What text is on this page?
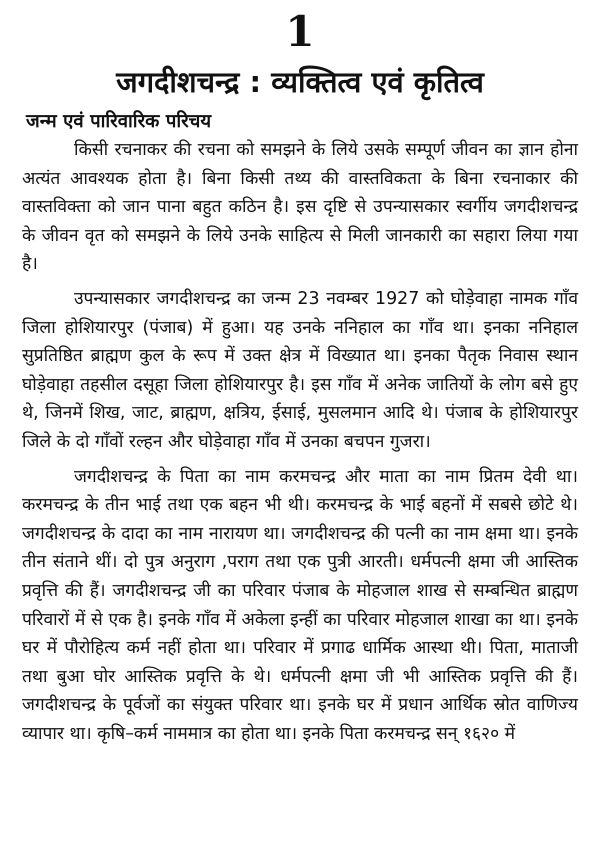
1
जगदीशचन्द्र : व्यक्तित्व एवं कृतित्व
जन्म एवं पारिवारिक परिचय

किसी रचनाकर की रचना को समझने के लिये उसके सम्पूर्ण जीवन का ज्ञान होना अत्यंत आवश्यक होता है। बिना किसी तथ्य की वास्तविकता के बिना रचनाकार की वास्तविक्ता को जान पाना बहुत कठिन है। इस दृष्टि से उपन्यासकार स्वर्गीय जगदीशचन्द्र के जीवन वृत को समझने के लिये उनके साहित्य से मिली जानकारी का सहारा लिया गया है।

उपन्यासकार जगदीशचन्द्र का जन्म 23 नवम्बर 1927 को घोड़ेवाहा नामक गाँव जिला होशियारपुर (पंजाब) में हुआ। यह उनके ननिहाल का गाँव था। इनका ननिहाल सुप्रतिष्ठित ब्राह्मण कुल के रूप में उक्त क्षेत्र में विख्यात था। इनका पैतृक निवास स्थान घोड़ेवाहा तहसील दसूहा जिला होशियारपुर है। इस गाँव में अनेक जातियों के लोग बसे हुए थे, जिनमें शिख, जाट, ब्राह्मण, क्षत्रिय, ईसाई, मुसलमान आदि थे। पंजाब के होशियारपुर जिले के दो गाँवों रल्हन और घोड़ेवाहा गाँव में उनका बचपन गुजरा।

जगदीशचन्द्र के पिता का नाम करमचन्द्र और माता का नाम प्रितम देवी था। करमचन्द्र के तीन भाई तथा एक बहन भी थी। करमचन्द्र के भाई बहनों में सबसे छोटे थे। जगदीशचन्द्र के दादा का नाम नारायण था। जगदीशचन्द्र की पत्नी का नाम क्षमा था। इनके तीन संताने थीं। दो पुत्र अनुराग ,पराग तथा एक पुत्री आरती। धर्मपत्नी क्षमा जी आस्तिक प्रवृत्ति की हैं। जगदीशचन्द्र जी का परिवार पंजाब के मोहजाल शाख से सम्बन्धित ब्राह्मण परिवारों में से एक है। इनके गाँव में अकेला इन्हीं का परिवार मोहजाल शाखा का था। इनके घर में पौरोहित्य कर्म नहीं होता था। परिवार में प्रगाढ धार्मिक आस्था थी। पिता, माताजी तथा बुआ घोर आस्तिक प्रवृत्ति के थे। धर्मपत्नी क्षमा जी भी आस्तिक प्रवृत्ति की हैं। जगदीशचन्द्र के पूर्वजों का संयुक्त परिवार था। इनके घर में प्रधान आर्थिक स्रोत वाणिज्य व्यापार था। कृषि–कर्म नाममात्र का होता था। इनके पिता करमचन्द्र सन् १६२० में
